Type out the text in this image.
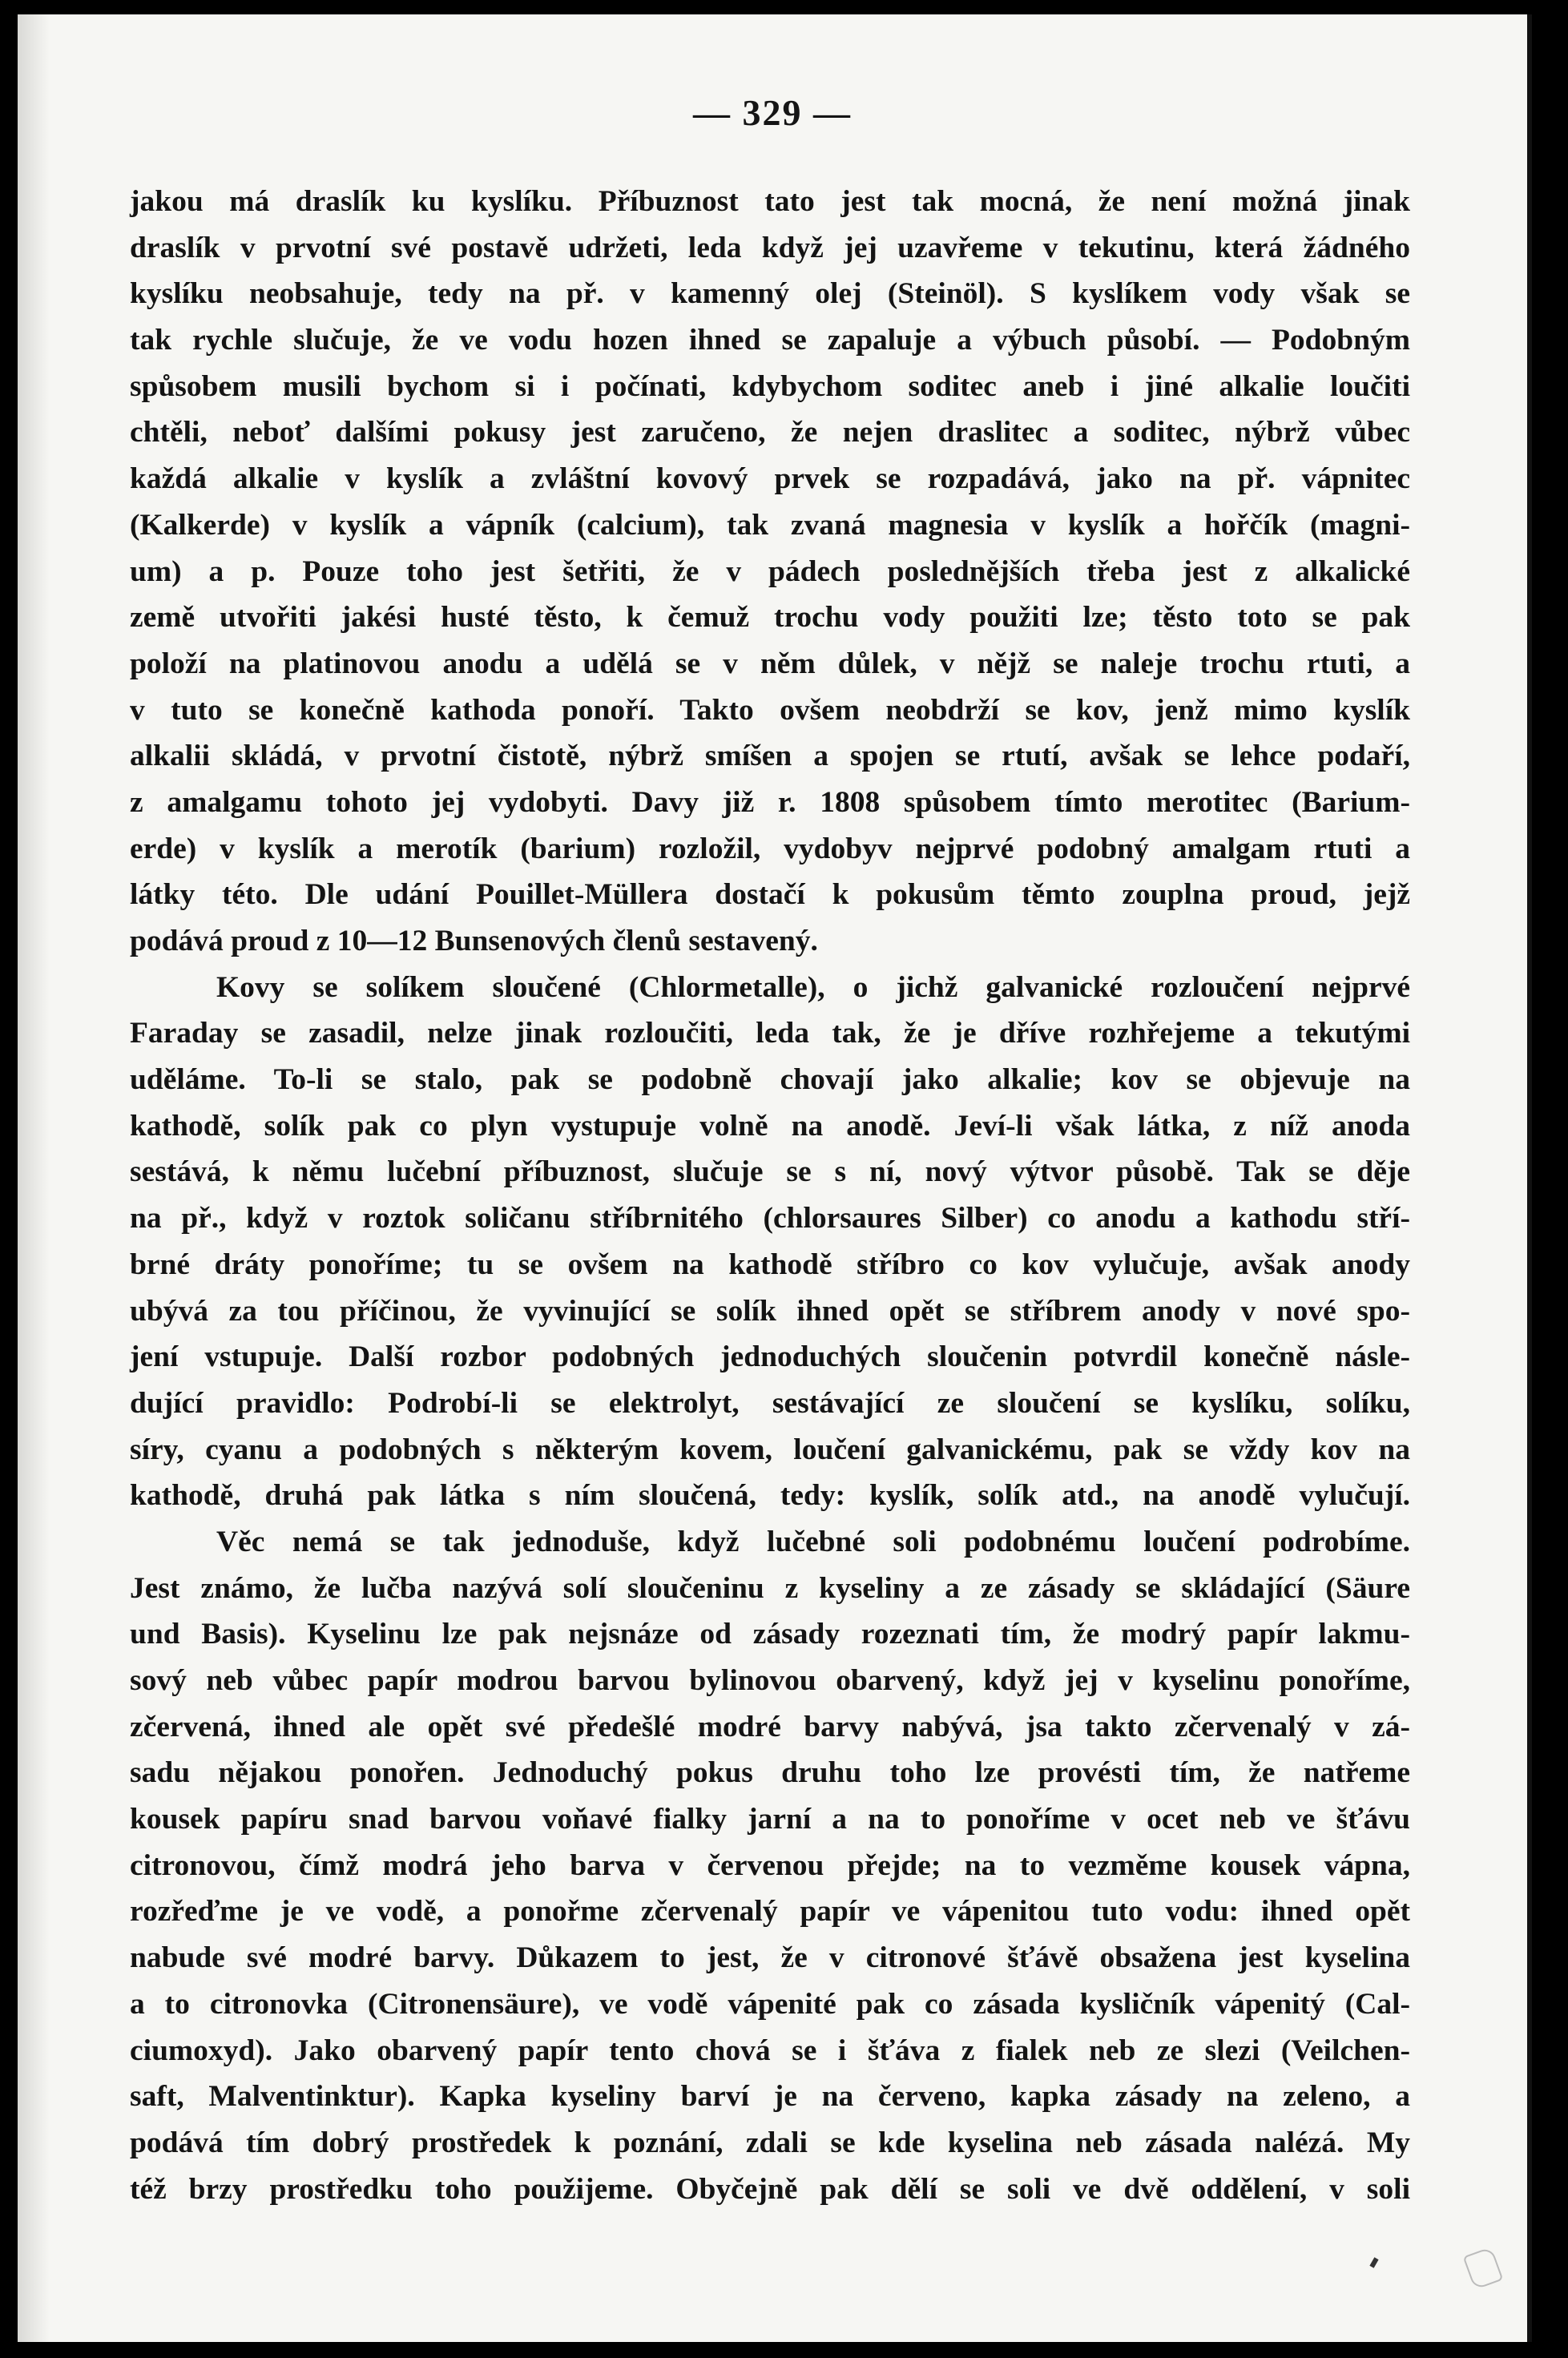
— 329 —
jakou má draslík ku kyslíku. Příbuznost tato jest tak mocná, že není možná jinak
draslík v prvotní své postavě udržeti, leda když jej uzavřeme v tekutinu, která žádného
kyslíku neobsahuje, tedy na př. v kamenný olej (Steinöl). S kyslíkem vody však se
tak rychle slučuje, že ve vodu hozen ihned se zapaluje a výbuch působí. — Podobným
spůsobem musili bychom si i počínati, kdybychom soditec aneb i jiné alkalie loučiti
chtěli, neboť dalšími pokusy jest zaručeno, že nejen draslitec a soditec, nýbrž vůbec
každá alkalie v kyslík a zvláštní kovový prvek se rozpadává, jako na př. vápnitec
(Kalkerde) v kyslík a vápník (calcium), tak zvaná magnesia v kyslík a hořčík (magni-
um) a p. Pouze toho jest šetřiti, že v pádech poslednějších třeba jest z alkalické
země utvořiti jakési husté těsto, k čemuž trochu vody použiti lze; těsto toto se pak
položí na platinovou anodu a udělá se v něm důlek, v nějž se naleje trochu rtuti, a
v tuto se konečně kathoda ponoří. Takto ovšem neobdrží se kov, jenž mimo kyslík
alkalii skládá, v prvotní čistotě, nýbrž smíšen a spojen se rtutí, avšak se lehce podaří,
z amalgamu tohoto jej vydobyti. Davy již r. 1808 spůsobem tímto merotitec (Barium-
erde) v kyslík a merotík (barium) rozložil, vydobyv nejprvé podobný amalgam rtuti a
látky této. Dle udání Pouillet-Müllera dostačí k pokusům těmto zouplna proud, jejž
podává proud z 10—12 Bunsenových členů sestavený.
Kovy se solíkem sloučené (Chlormetalle), o jichž galvanické rozloučení nejprvé
Faraday se zasadil, nelze jinak rozloučiti, leda tak, že je dříve rozhřejeme a tekutými
uděláme. To-li se stalo, pak se podobně chovají jako alkalie; kov se objevuje na
kathodě, solík pak co plyn vystupuje volně na anodě. Jeví-li však látka, z níž anoda
sestává, k němu lučební příbuznost, slučuje se s ní, nový výtvor působě. Tak se děje
na př., když v roztok soličanu stříbrnitého (chlorsaures Silber) co anodu a kathodu stří-
brné dráty ponoříme; tu se ovšem na kathodě stříbro co kov vylučuje, avšak anody
ubývá za tou příčinou, že vyvinující se solík ihned opět se stříbrem anody v nové spo-
jení vstupuje. Další rozbor podobných jednoduchých sloučenin potvrdil konečně násle-
dující pravidlo: Podrobí-li se elektrolyt, sestávající ze sloučení se kyslíku, solíku,
síry, cyanu a podobných s některým kovem, loučení galvanickému, pak se vždy kov na
kathodě, druhá pak látka s ním sloučená, tedy: kyslík, solík atd., na anodě vylučují.
Věc nemá se tak jednoduše, když lučebné soli podobnému loučení podrobíme.
Jest známo, že lučba nazývá solí sloučeninu z kyseliny a ze zásady se skládající (Säure
und Basis). Kyselinu lze pak nejsnáze od zásady rozeznati tím, že modrý papír lakmu-
sový neb vůbec papír modrou barvou bylinovou obarvený, když jej v kyselinu ponoříme,
zčervená, ihned ale opět své předešlé modré barvy nabývá, jsa takto zčervenalý v zá-
sadu nějakou ponořen. Jednoduchý pokus druhu toho lze provésti tím, že natřeme
kousek papíru snad barvou voňavé fialky jarní a na to ponoříme v ocet neb ve šťávu
citronovou, čímž modrá jeho barva v červenou přejde; na to vezměme kousek vápna,
rozřeďme je ve vodě, a ponořme zčervenalý papír ve vápenitou tuto vodu: ihned opět
nabude své modré barvy. Důkazem to jest, že v citronové šťávě obsažena jest kyselina
a to citronovka (Citronensäure), ve vodě vápenité pak co zásada kysličník vápenitý (Cal-
ciumoxyd). Jako obarvený papír tento chová se i šťáva z fialek neb ze slezi (Veilchen-
saft, Malventinktur). Kapka kyseliny barví je na červeno, kapka zásady na zeleno, a
podává tím dobrý prostředek k poznání, zdali se kde kyselina neb zásada nalézá. My
též brzy prostředku toho použijeme. Obyčejně pak dělí se soli ve dvě oddělení, v soli
